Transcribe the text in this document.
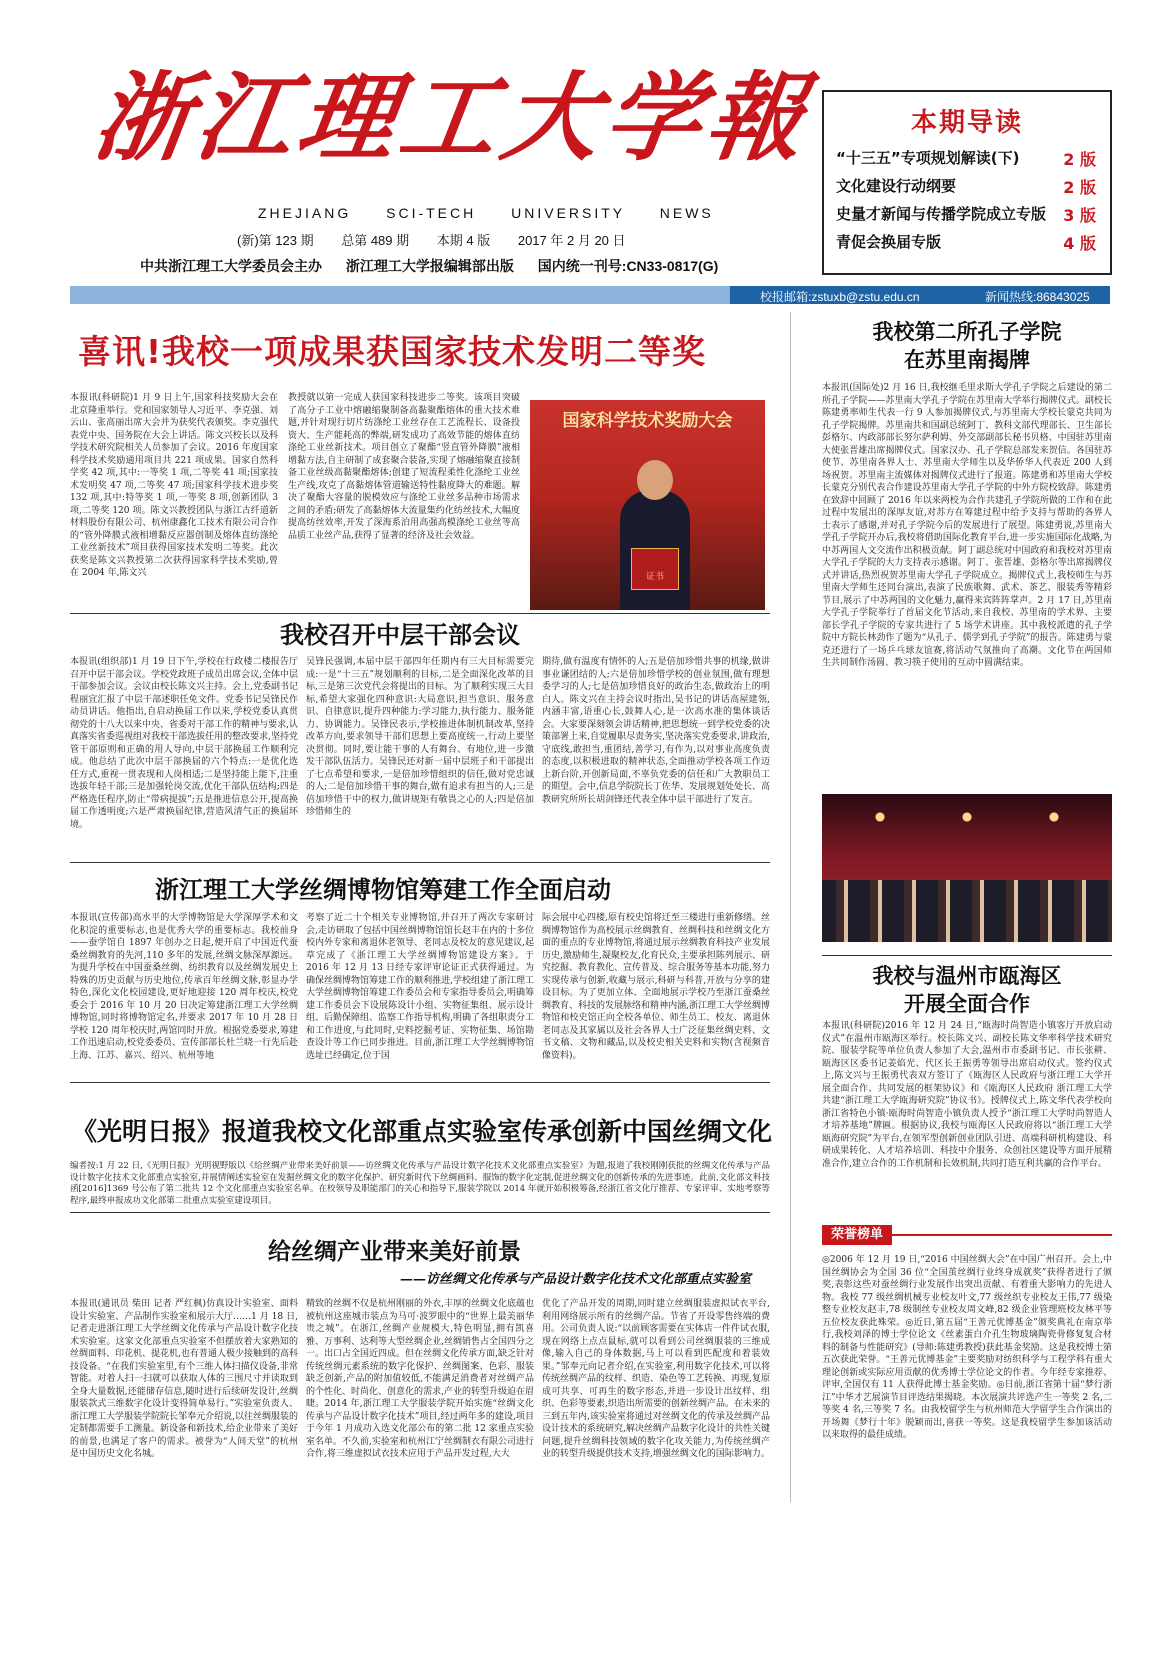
浙江理工大学報
ZHEJIANG SCI-TECH UNIVERSITY NEWS
(新)第 123 期 总第 489 期 本期 4 版 2017 年 2 月 20 日
中共浙江理工大学委员会主办 浙江理工大学报编辑部出版 国内统一刊号:CN33-0817(G)
本期导读
“十三五”专项规划解读(下)	2 版
文化建设行动纲要	2 版
史量才新闻与传播学院成立专版 3 版
青促会换届专版	4 版
校报邮箱:zstuxb@zstu.edu.cn	新闻热线:86843025
喜讯!我校一项成果获国家技术发明二等奖
本报讯(科研院)1 月 9 日上午,国家科技奖励大会在北京隆重举行。党和国家领导人习近平、李克强、刘云山、张高丽出席大会并为获奖代表颁奖。李克强代表党中央、国务院在大会上讲话。陈文兴校长以及科学技术研究院相关人员参加了会议。2016 年度国家科学技术奖励通用项目共 221 项成果。国家自然科学奖 42 项,其中:一等奖 1 项,二等奖 41 项;国家技术发明奖 47 项,二等奖 47 项;国家科学技术进步奖 132 项,其中:特等奖 1 项,一等奖 8 项,创新团队 3 项,二等奖 120 项。陈文兴教授团队与浙江古纤道新材料股份有限公司、杭州康鑫化工技术有限公司合作的“管外降膜式液相增黏反应器创制及熔体直纺涤纶工业丝新技术”项目获得国家技术发明二等奖。此次获奖是陈文兴教授第二次获得国家科学技术奖励,曾在 2004 年,陈文兴
教授就以第一完成人获国家科技进步二等奖。该项目突破了高分子工业中熔融缩聚制备高黏聚酯熔体的重大技术难题,并针对现行切片纺涤纶工业丝存在工艺流程长、设备投资大、生产能耗高的弊端,研发成功了高效节能的熔体直纺涤纶工业丝新技术。项目创立了聚酯“竖直管外降膜”液相增黏方法,自主研制了成套聚合装备,实现了熔融缩聚直接制备工业丝级高黏聚酯熔体;创建了短流程柔性化涤纶工业丝生产线,攻克了高黏熔体管道输送特性黏度降大的难题。解决了聚酯大容量的脱模效应与涤纶工业丝多品种市场需求之间的矛盾;研发了高黏熔体大流量集约化纺丝技术,大幅度提高纺丝效率,开发了深海系泊用高强高模涤纶工业丝等高品质工业丝产品,获得了显著的经济及社会效益。
国家科学技术奖励大会
证书
我校召开中层干部会议
本报讯(组织部)1 月 19 日下午,学校在行政楼二楼报告厅召开中层干部会议。学校党政班子成员出席会议,全体中层干部参加会议。会议由校长陈文兴主持。会上,党委副书记程丽宜汇报了中层干部述职任免文件。党委书记吴锋民作动员讲话。他指出,自启动换届工作以来,学校党委认真贯彻党的十八大以来中央、省委对干部工作的精神与要求,认真落实省委巡视组对我校干部选拔任用的整改要求,坚持党管干部原则和正确的用人导向,中层干部换届工作顺利完成。他总结了此次中层干部换届的六个特点:一是优化选任方式,重视一贯表现和人岗相适;二是坚持能上能下,注重选拔年轻干部;三是加强轮岗交流,优化干部队伍结构;四是严格选任程序,防止“带病提拔”;五是推进信息公开,提高换届工作透明度;六是严肃换届纪律,营造风清气正的换届环境。
吴锋民强调,本届中层干部四年任期内有三大目标需要完成:一是“十三五”规划顺利的目标,二是全面深化改革的目标,三是第三次党代会将提出的目标。为了顺利实现三大目标,希望大家强化四种意识:大局意识,担当意识、服务意识、自律意识,提升四种能力:学习能力,执行能力、服务能力、协调能力。吴锋民表示,学校推进体制机制改革,坚持改革方向,要求领导干部们思想上要高度统一,行动上要坚决贯彻。同时,要让能干事的人有舞台、有地位,进一步激发干部队伍活力。吴锋民还对新一届中层班子和干部提出了七点希望和要求,一是倍加珍惜组织的信任,做对党忠诚的人;二是倍加珍惜干事的舞台,做有追求有担当的人;三是倍加珍惜干中的权力,做讲规矩有敬畏之心的人;四是倍加珍惜师生的
期待,做有温度有情怀的人;五是倍加珍惜共事的机缘,做讲事业谦团结的人;六是倍加珍惜学校的创业氛围,做有理想委学习的人;七是倍加珍惜良好的政治生态,做政治上的明白人。陈文兴在主持会议时指出,吴书记的讲话高屋建瓴,内涵丰富,语重心长,鼓舞人心,是一次高水准的集体谈话会。大家要深刻领会讲话精神,把思想统一到学校党委的决策部署上来,自觉履职尽责务实,坚决落实党委要求,讲政治,守底线,敢担当,重团结,善学习,有作为,以对事业高度负责的态度,以积极进取的精神状态,全面推动学校各项工作迈上新台阶,开创新局面,不辜负党委的信任和广大教职员工的期望。会中,信息学院院长丁佐华、发展规划处处长、高教研究所所长胡剑锋还代表全体中层干部进行了发言。
浙江理工大学丝绸博物馆筹建工作全面启动
本报讯(宣传部)高水平的大学博物馆是大学深厚学术和文化积淀的重要标志,也是优秀大学的重要标志。我校前身——蚕学馆自 1897 年创办之日起,便开启了中国近代蚕桑丝绸教育的先河,110 多年的发展,丝绸文脉深厚源远。为提升学校在中国蚕桑丝绸、纺织教育以及丝绸发展史上特殊的历史贡献与历史地位,传承百年丝绸文脉,彰显办学特色,深化文化校园建设,更好地迎接 120 周年校庆,校党委会于 2016 年 10 月 20 日决定筹建浙江理工大学丝绸博物馆,同时将博物馆定名,并要求 2017 年 10 月 28 日学校 120 周年校庆时,两馆同时开放。根据党委要求,筹建工作迅速启动,校党委委员、宣传部部长杜兰晓一行先后赴上海、江苏、嘉兴、绍兴、杭州等地
考察了近二十个相关专业博物馆,并召开了两次专家研讨会,走访研取了包括中国丝绸博物馆馆长赵丰在内的十多位校内外专家和离退休老领导、老同志及校友的意见建议,起草完成了《浙江理工大学丝绸博物馆建设方案》。于 2016 年 12 月 13 日经专家评审论证正式获得通过。为确保丝绸博物馆筹建工作的顺利推进,学校组建了浙江理工大学丝绸博物馆筹建工作委员会和专家指导委员会,明确筹建工作委员会下设展陈设计小组、实物征集组、展示设计组、后勤保障组、监察工作指导机构,明确了各组职责分工和工作进度,与此同时,史料挖掘考证、实物征集、场馆勘查设计等工作已同步推进。目前,浙江理工大学丝绸博物馆选址已经确定,位于国
际会展中心四楼,原有校史馆将迁至三楼进行重新修缮。丝绸博物馆作为高校展示丝绸教育、丝绸科技和丝绸文化方面的重点的专业博物馆,将通过展示丝绸教育科技产业发展历史,激励师生,凝聚校友,化育民众,主要承担陈列展示、研究挖掘、教育教化、宣传普及、综合服务等基本功能,努力实现传承与创新,收藏与展示,科研与科普,开放与分享的建设目标。为了更加立体、全面地展示学校乃至浙江蚕桑丝绸教育、科技的发展脉络和精神内涵,浙江理工大学丝绸博物馆和校史馆正向全校各单位、师生员工、校友、离退休老同志及其家属以及社会各界人士广泛征集丝绸史料、文书文稿、文物和藏品,以及校史相关史料和实物(含视频音像资料)。
《光明日报》报道我校文化部重点实验室传承创新中国丝绸文化
编者按:1 月 22 日,《光明日报》光明视野版以《给丝绸产业带来美好前景——访丝绸文化传承与产品设计数字化技术文化部重点实验室》为题,报道了我校刚刚获批的丝绸文化传承与产品设计数字化技术文化部重点实验室,并展情阐述实验室在发掘丝绸文化的数字化保护、研究新时代下丝绸画料、服饰的数字化定制,促进丝绸文化的创新传承的先进事迹。此前,文化部文科技函[2016]1369 号公布了第二批共 12 个文化部重点实验室名单。在校领导及职能部门的关心和指导下,服装学院以 2014 年就开始积极筹备,经浙江省文化厅推荐、专家评审、实地考察等程序,最终申报成功文化部第二批重点实验室建设项目。
给丝绸产业带来美好前景
——访丝绸文化传承与产品设计数字化技术文化部重点实验室
本报讯(通讯员 柴田 记者 严红枫)仿真设计实验室、面料设计实验室、产品制作实验室和展示大厅……1 月 18 日,记者走进浙江理工大学丝绸文化传承与产品设计数字化技术实验室。这家文化部重点实验室不但摆放着大家熟知的丝绸面料、印花机、提花机,也有普通人极少接触到的高科技设备。“在我们实验室里,有个三维人体扫描仪设备,非常智能。对着人扫一扫就可以获取人体的三围尺寸并读取到全身大量数据,还能储存信息,随时进行后续研发设计,丝绸服装款式三维数字化设计变得简单易行。”实验室负责人、浙江理工大学服装学院院长邹奉元介绍说,以往丝绸服装的定制都需要手工测量。新设备和新技术,给企业带来了美好的前景,也满足了客户的需求。被誉为“人间天堂”的杭州是中国历史文化名城。
精致的丝绸不仅是杭州刚丽的外衣,丰厚的丝绸文化底蕴也被杭州这座城市装点为马可·波罗眼中的“世界上最美丽华贵之城”。在浙江,丝绸产业规模大,特色明显,拥有凯喜雅、万事利、达利等大型丝绸企业,丝绸销售占全国四分之一。出口占全国近四成。但在丝绸文化传承方面,缺乏针对传统丝绸元素系统的数字化保护、丝绸图案、色彩、服装缺乏创新,产品的附加值较低,不能满足消费者对丝绸产品的个性化、时尚化、创意化的需求,产业的转型升级迫在眉睫。2014 年,浙江理工大学服装学院开始实施“丝绸文化传承与产品设计数字化技术”项目,经过两年多的建设,项目于今年 1 月成功入选文化部公布的第二批 12 家重点实验室名单。不久前,实验室和杭州江宁丝绸制衣有限公司进行合作,将三维虚拟试衣技术应用于产品开发过程,大大
优化了产品开发的周期,同时建立丝绸服装虚拟试衣平台,利用网络展示所有的丝绸产品。节省了开设零售终端的费用。公司负责人说:“以前顾客需要在实体店一件件试衣服,现在网络上点点鼠标,就可以看到公司丝绸服装的三维成像,输入自己的身体数据,马上可以看到匹配度和着装效果。”邹奉元向记者介绍,在实验室,利用数字化技术,可以将传统丝绸产品的纹样、织造、染色等工艺转换、再现,复原成可共享、可再生的数字形态,并进一步设计出纹样、组织、色彩等要素,织造出所需要的创新丝绸产品。在未来的三到五年内,该实验室将通过对丝绸文化的传承及丝绸产品设计技术的系统研究,解决丝绸产品数字化设计的共性关键问题,提升丝绸科技领域的数字化攻关能力,为传统丝绸产业的转型升级提供技术支持,增强丝绸文化的国际影响力。
我校第二所孔子学院
在苏里南揭牌
本报讯(国际处)2 月 16 日,我校继毛里求斯大学孔子学院之后建设的第二所孔子学院——苏里南大学孔子学院在苏里南大学举行揭牌仪式。副校长陈建勇率师生代表一行 9 人参加揭牌仪式,与苏里南大学校长蒙克共同为孔子学院揭牌。苏里南共和国副总统阿丁、教科文部代理部长、卫生部长彭格尔、内政部部长努尔萨利姆、外交部副部长秘书贝格、中国驻苏里南大使张晋雄出席揭牌仪式。国家汉办、孔子学院总部发来贺信。各国驻苏使节、苏里南各界人士、苏里南大学师生以及华侨华人代表近 200 人到场祝贺。苏里南主流媒体对揭牌仪式进行了报道。陈建勇和苏里南大学校长蒙克分别代表合作建设苏里南大学孔子学院的中外方院校致辞。陈建勇在致辞中回顾了 2016 年以来两校为合作共建孔子学院所做的工作和在此过程中发展出的深厚友谊,对苏方在筹建过程中给予支持与帮助的各界人士表示了感谢,并对孔子学院今后的发展进行了展望。陈建勇说,苏里南大学孔子学院开办后,我校将借助国际化教育平台,进一步实施国际化战略,为中苏两国人文交流作出积极贡献。阿丁副总统对中国政府和我校对苏里南大学孔子学院的大力支持表示感谢。阿丁、张晋雄、彭格尔等出席揭牌仪式并讲话,热烈祝贺苏里南大学孔子学院成立。揭牌仪式上,我校师生与苏里南大学师生还同台演出,表演了民族歌舞、武术、茶艺、服装秀等精彩节目,展示了中苏两国的文化魅力,赢得来宾阵阵掌声。2 月 17 日,苏里南大学孔子学院举行了首届文化节活动,来自我校、苏里南的学术界、主要部长学孔子学院的专家共进行了 5 场学术讲座。其中我校派遣的孔子学院中方院长林劲作了题为“从孔子、儒学到孔子学院”的报告。陈建勇与蒙克还进行了一场乒乓球友谊赛,将活动气氛推向了高潮。文化节在两国师生共同制作汤圆、教习筷子使用的互动中圆满结束。
我校与温州市瓯海区
开展全面合作
本报讯(科研院)2016 年 12 月 24 日,“瓯海时尚智造小镇客厅开放启动仪式”在温州市瓯海区举行。校长陈文兴、副校长陈文华率科学技术研究院、服装学院等单位负责人参加了大会,温州市市委副书记、市长张耕、瓯海区区委书记姜焰光、代区长王振勇等领导出席启动仪式。签约仪式上,陈文兴与王振勇代表双方签订了《瓯海区人民政府与浙江理工大学开展全面合作、共同发展的框架协议》和《瓯海区人民政府 浙江理工大学共建“浙江理工大学瓯海研究院”协议书》。授牌仪式上,陈文华代表学校向浙江省特色小镇·瓯海时尚智造小镇负责人授予“浙江理工大学时尚智造人才培养基地”牌匾。根据协议,我校与瓯海区人民政府将以“浙江理工大学瓯海研究院”为平台,在领军型创新创业团队引进、高端科研机构建设、科研成果转化、人才培养培训、科技中介服务、众创社区建设等方面开展精准合作,建立合作的工作机制和长效机制,共同打造互利共赢的合作平台。
荣誉榜单
◎2006 年 12 月 19 日,“2016 中国丝绸大会”在中国广州召开。会上,中国丝绸协会为全国 36 位“全国茧丝绸行业终身成就奖”获得者进行了颁奖,表彰这些对蚕丝绸行业发展作出突出贡献、有着重大影响力的先进人物。我校 77 级丝绸机械专业校友叶文,77 级丝织专业校友王伟,77 级染整专业校友赵丰,78 级制丝专业校友周文峰,82 级企业管理班校友林平等五位校友获此殊荣。◎近日,第五届“王善元优博基金”颁奖典礼在南京举行,我校刘泽的博士学位论文《丝素蛋白介孔生物玻璃陶瓷骨修复复合材料的制备与性能研究》(导师:陈建勇教授)获此基金奖励。这是我校博士第五次获此荣誉。“王善元优博基金”主要奖励对纺织科学与工程学科有重大理论创新或实际应用贡献的优秀博士学位论文的作者。今年经专家推荐、评审,全国仅有 11 人获得此博士基金奖励。◎日前,浙江省第十届“梦行浙江”中华才艺展演节目评选结果揭晓。本次展演共评选产生一等奖 2 名,二等奖 4 名,三等奖 7 名。由我校留学生与杭州师范大学留学生合作演出的开场舞《梦行十年》脱颖而出,喜获一等奖。这是我校留学生参加该活动以来取得的最佳成绩。
